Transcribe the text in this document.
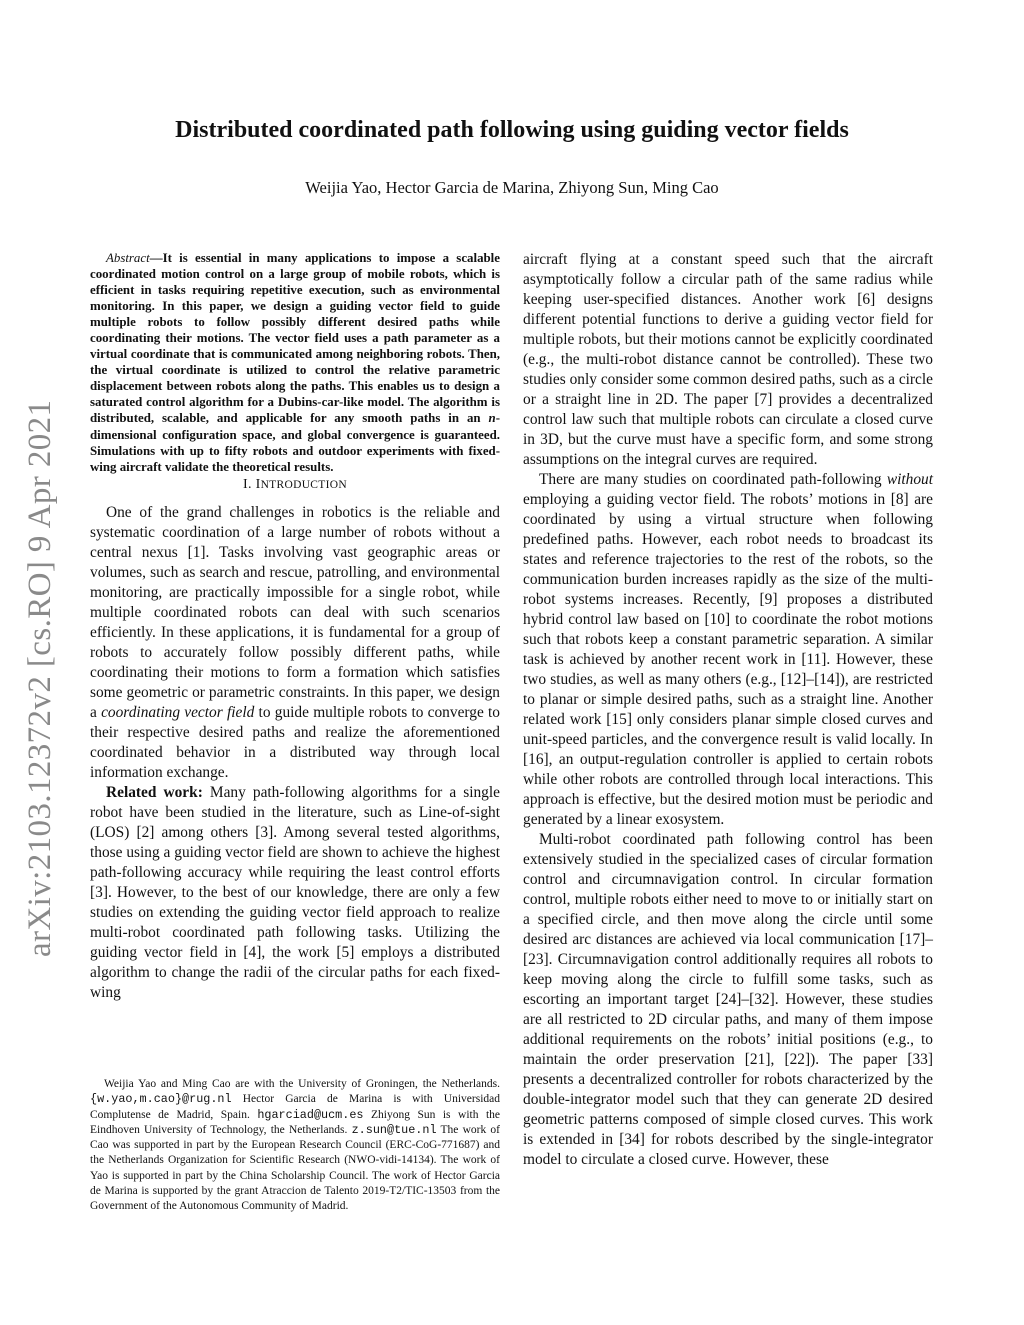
arXiv:2103.12372v2 [cs.RO] 9 Apr 2021
Distributed coordinated path following using guiding vector fields
Weijia Yao, Hector Garcia de Marina, Zhiyong Sun, Ming Cao

Abstract—It is essential in many applications to impose a scalable coordinated motion control on a large group of mobile robots, which is efficient in tasks requiring repetitive execution, such as environmental monitoring. In this paper, we design a guiding vector field to guide multiple robots to follow possibly different desired paths while coordinating their motions. The vector field uses a path parameter as a virtual coordinate that is communicated among neighboring robots. Then, the virtual coordinate is utilized to control the relative parametric displacement between robots along the paths. This enables us to design a saturated control algorithm for a Dubins-car-like model. The algorithm is distributed, scalable, and applicable for any smooth paths in an n-dimensional configuration space, and global convergence is guaranteed. Simulations with up to fifty robots and outdoor experiments with fixed-wing aircraft validate the theoretical results.

I. INTRODUCTION

One of the grand challenges in robotics is the reliable and systematic coordination of a large number of robots without a central nexus [1]. Tasks involving vast geographic areas or volumes, such as search and rescue, patrolling, and environmental monitoring, are practically impossible for a single robot, while multiple coordinated robots can deal with such scenarios efficiently. In these applications, it is fundamental for a group of robots to accurately follow possibly different paths, while coordinating their motions to form a formation which satisfies some geometric or parametric constraints. In this paper, we design a coordinating vector field to guide multiple robots to converge to their respective desired paths and realize the aforementioned coordinated behavior in a distributed way through local information exchange.

Related work: Many path-following algorithms for a single robot have been studied in the literature, such as Line-of-sight (LOS) [2] among others [3]. Among several tested algorithms, those using a guiding vector field are shown to achieve the highest path-following accuracy while requiring the least control efforts [3]. However, to the best of our knowledge, there are only a few studies on extending the guiding vector field approach to realize multi-robot coordinated path following tasks. Utilizing the guiding vector field in [4], the work [5] employs a distributed algorithm to change the radii of the circular paths for each fixed-wing

Weijia Yao and Ming Cao are with the University of Groningen, the Netherlands. {w.yao,m.cao}@rug.nl Hector Garcia de Marina is with Universidad Complutense de Madrid, Spain. hgarciad@ucm.es Zhiyong Sun is with the Eindhoven University of Technology, the Netherlands. z.sun@tue.nl The work of Cao was supported in part by the European Research Council (ERC-CoG-771687) and the Netherlands Organization for Scientific Research (NWO-vidi-14134). The work of Yao is supported in part by the China Scholarship Council. The work of Hector Garcia de Marina is supported by the grant Atraccion de Talento 2019-T2/TIC-13503 from the Government of the Autonomous Community of Madrid.

aircraft flying at a constant speed such that the aircraft asymptotically follow a circular path of the same radius while keeping user-specified distances. Another work [6] designs different potential functions to derive a guiding vector field for multiple robots, but their motions cannot be explicitly coordinated (e.g., the multi-robot distance cannot be controlled). These two studies only consider some common desired paths, such as a circle or a straight line in 2D. The paper [7] provides a decentralized control law such that multiple robots can circulate a closed curve in 3D, but the curve must have a specific form, and some strong assumptions on the integral curves are required.

There are many studies on coordinated path-following without employing a guiding vector field. The robots’ motions in [8] are coordinated by using a virtual structure when following predefined paths. However, each robot needs to broadcast its states and reference trajectories to the rest of the robots, so the communication burden increases rapidly as the size of the multi-robot systems increases. Recently, [9] proposes a distributed hybrid control law based on [10] to coordinate the robot motions such that robots keep a constant parametric separation. A similar task is achieved by another recent work in [11]. However, these two studies, as well as many others (e.g., [12]–[14]), are restricted to planar or simple desired paths, such as a straight line. Another related work [15] only considers planar simple closed curves and unit-speed particles, and the convergence result is valid locally. In [16], an output-regulation controller is applied to certain robots while other robots are controlled through local interactions. This approach is effective, but the desired motion must be periodic and generated by a linear exosystem.

Multi-robot coordinated path following control has been extensively studied in the specialized cases of circular formation control and circumnavigation control. In circular formation control, multiple robots either need to move to or initially start on a specified circle, and then move along the circle until some desired arc distances are achieved via local communication [17]–[23]. Circumnavigation control additionally requires all robots to keep moving along the circle to fulfill some tasks, such as escorting an important target [24]–[32]. However, these studies are all restricted to 2D circular paths, and many of them impose additional requirements on the robots’ initial positions (e.g., to maintain the order preservation [21], [22]). The paper [33] presents a decentralized controller for robots characterized by the double-integrator model such that they can generate 2D desired geometric patterns composed of simple closed curves. This work is extended in [34] for robots described by the single-integrator model to circulate a closed curve. However, these
